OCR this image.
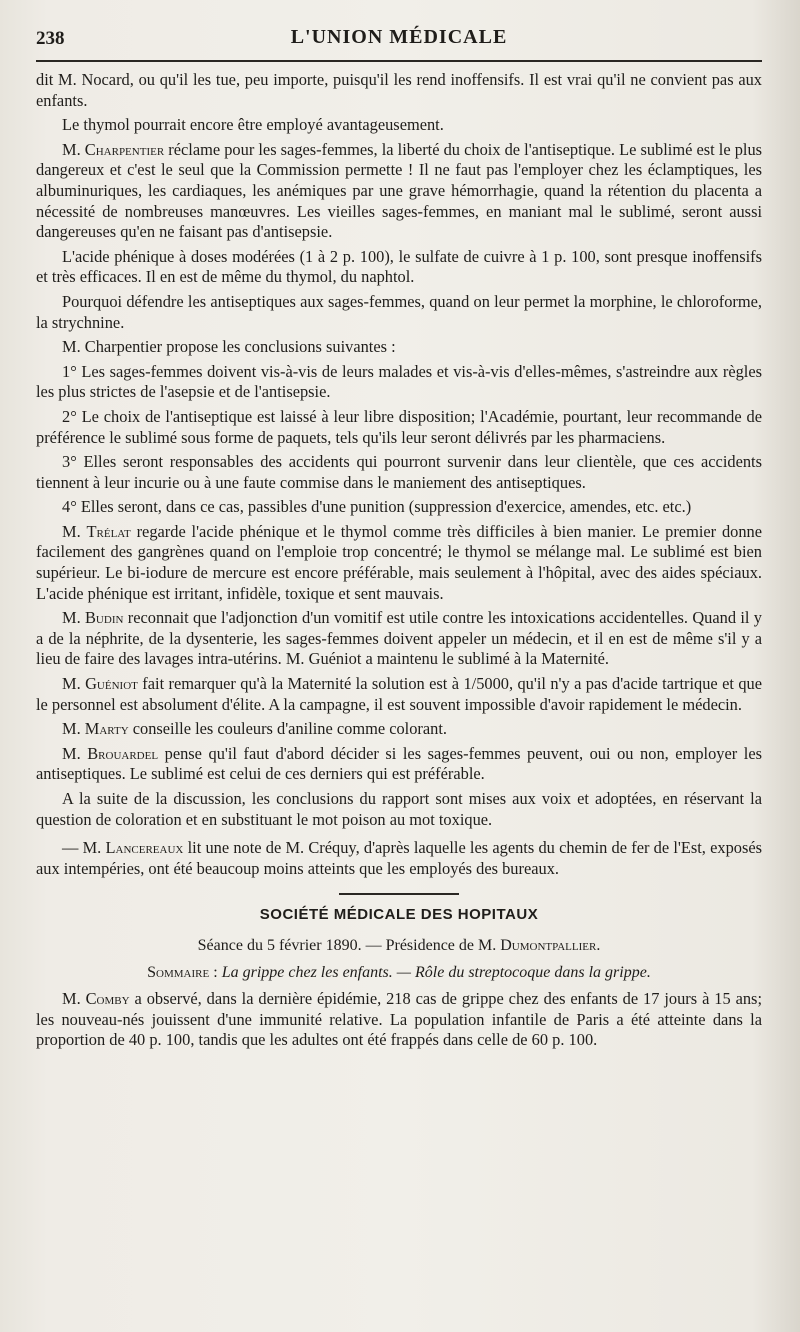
238	L'UNION MÉDICALE

dit M. Nocard, ou qu'il les tue, peu importe, puisqu'il les rend inoffensifs. Il est vrai qu'il ne convient pas aux enfants.

Le thymol pourrait encore être employé avantageusement.

M. Charpentier réclame pour les sages-femmes, la liberté du choix de l'antiseptique. Le sublimé est le plus dangereux et c'est le seul que la Commission permette ! Il ne faut pas l'employer chez les éclamptiques, les albuminuriques, les cardiaques, les anémiques par une grave hémorrhagie, quand la rétention du placenta a nécessité de nombreuses manœuvres. Les vieilles sages-femmes, en maniant mal le sublimé, seront aussi dangereuses qu'en ne faisant pas d'antisepsie.

L'acide phénique à doses modérées (1 à 2 p. 100), le sulfate de cuivre à 1 p. 100, sont presque inoffensifs et très efficaces. Il en est de même du thymol, du naphtol.

Pourquoi défendre les antiseptiques aux sages-femmes, quand on leur permet la morphine, le chloroforme, la strychnine.

M. Charpentier propose les conclusions suivantes :

1° Les sages-femmes doivent vis-à-vis de leurs malades et vis-à-vis d'elles-mêmes, s'astreindre aux règles les plus strictes de l'asepsie et de l'antisepsie.

2° Le choix de l'antiseptique est laissé à leur libre disposition; l'Académie, pourtant, leur recommande de préférence le sublimé sous forme de paquets, tels qu'ils leur seront délivrés par les pharmaciens.

3° Elles seront responsables des accidents qui pourront survenir dans leur clientèle, que ces accidents tiennent à leur incurie ou à une faute commise dans le maniement des antiseptiques.

4° Elles seront, dans ce cas, passibles d'une punition (suppression d'exercice, amendes, etc. etc.)

M. Trélat regarde l'acide phénique et le thymol comme très difficiles à bien manier. Le premier donne facilement des gangrènes quand on l'emploie trop concentré; le thymol se mélange mal. Le sublimé est bien supérieur. Le bi-iodure de mercure est encore préférable, mais seulement à l'hôpital, avec des aides spéciaux. L'acide phénique est irritant, infidèle, toxique et sent mauvais.

M. Budin reconnait que l'adjonction d'un vomitif est utile contre les intoxications accidentelles. Quand il y a de la néphrite, de la dysenterie, les sages-femmes doivent appeler un médecin, et il en est de même s'il y a lieu de faire des lavages intra-utérins. M. Guéniot a maintenu le sublimé à la Maternité.

M. Guéniot fait remarquer qu'à la Maternité la solution est à 1/5000, qu'il n'y a pas d'acide tartrique et que le personnel est absolument d'élite. A la campagne, il est souvent impossible d'avoir rapidement le médecin.

M. Marty conseille les couleurs d'aniline comme colorant.

M. Brouardel pense qu'il faut d'abord décider si les sages-femmes peuvent, oui ou non, employer les antiseptiques. Le sublimé est celui de ces derniers qui est préférable.

A la suite de la discussion, les conclusions du rapport sont mises aux voix et adoptées, en réservant la question de coloration et en substituant le mot poison au mot toxique.

— M. Lancereaux lit une note de M. Créquy, d'après laquelle les agents du chemin de fer de l'Est, exposés aux intempéries, ont été beaucoup moins atteints que les employés des bureaux.

SOCIÉTÉ MÉDICALE DES HOPITAUX
Séance du 5 février 1890. — Présidence de M. Dumontpallier.
Sommaire : La grippe chez les enfants. — Rôle du streptocoque dans la grippe.

M. Comby a observé, dans la dernière épidémie, 218 cas de grippe chez des enfants de 17 jours à 15 ans; les nouveau-nés jouissent d'une immunité relative. La population infantile de Paris a été atteinte dans la proportion de 40 p. 100, tandis que les adultes ont été frappés dans celle de 60 p. 100.
